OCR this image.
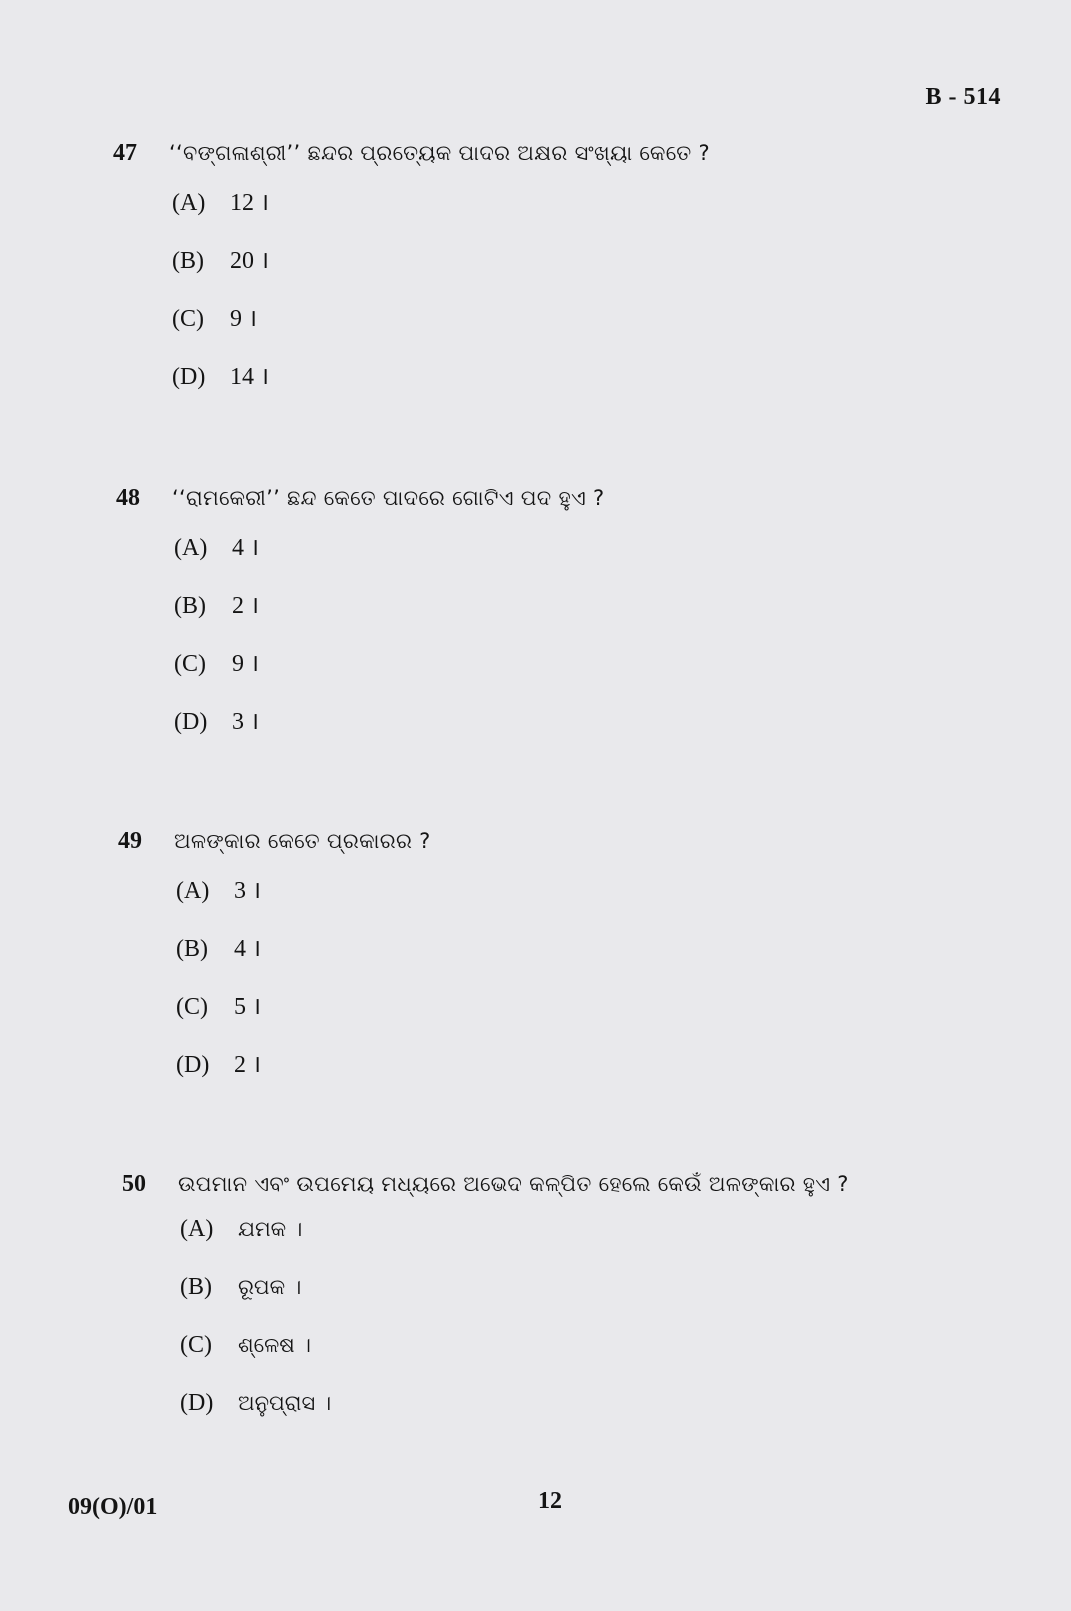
B - 514
47	‘‘ବଙ୍ଗଳାଶ୍ରୀ’’ ଛନ୍ଦର ପ୍ରତ୍ୟେକ ପାଦର ଅକ୍ଷର ସଂଖ୍ୟା କେତେ ?
(A)	12 ।
(B)	20 ।
(C)	9 ।
(D)	14 ।
48	‘‘ରାମକେରୀ’’ ଛନ୍ଦ କେତେ ପାଦରେ ଗୋଟିଏ ପଦ ହୁଏ ?
(A)	4 ।
(B)	2 ।
(C)	9 ।
(D)	3 ।
49	ଅଳଙ୍କାର କେତେ ପ୍ରକାରର ?
(A)	3 ।
(B)	4 ।
(C)	5 ।
(D)	2 ।
50	ଉପମାନ ଏବଂ ଉପମେୟ ମଧ୍ୟରେ ଅଭେଦ କଳ୍ପିତ ହେଲେ କେଉଁ ଅଳଙ୍କାର ହୁଏ ?
(A)	ଯମକ ।
(B)	ରୂପକ ।
(C)	ଶ୍ଳେଷ ।
(D)	ଅନୁପ୍ରାସ ।
09(O)/01	12
